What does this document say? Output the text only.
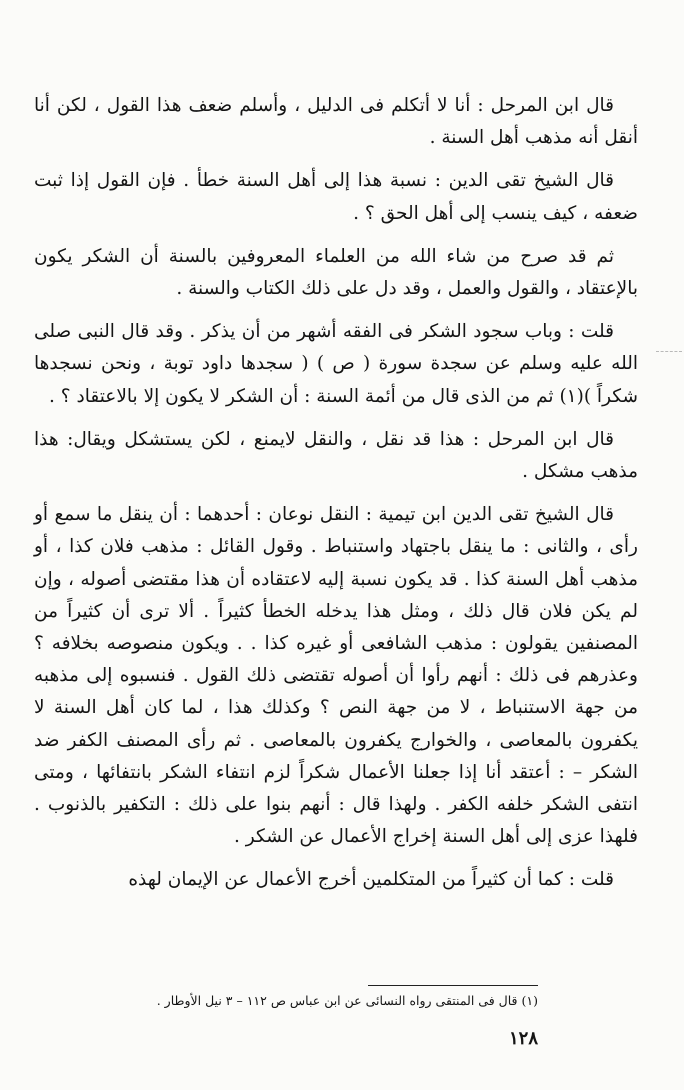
قال ابن المرحل : أنا لا أتكلم فى الدليل ، وأسلم ضعف هذا القول ، لكن أنا أنقل أنه مذهب أهل السنة .

قال الشيخ تقى الدين : نسبة هذا إلى أهل السنة خطأ . فإن القول إذا ثبت ضعفه ، كيف ينسب إلى أهل الحق ؟ .

ثم قد صرح من شاء الله من العلماء المعروفين بالسنة أن الشكر يكون بالإعتقاد ، والقول والعمل ، وقد دل على ذلك الكتاب والسنة .

قلت : وباب سجود الشكر فى الفقه أشهر من أن يذكر . وقد قال النبى صلى الله عليه وسلم عن سجدة سورة ( ص ) ( سجدها داود توبة ، ونحن نسجدها شكراً )(١) ثم من الذى قال من أئمة السنة : أن الشكر لا يكون إلا بالاعتقاد ؟ .

قال ابن المرحل : هذا قد نقل ، والنقل لايمنع ، لكن يستشكل ويقال: هذا مذهب مشكل .

قال الشيخ تقى الدين ابن تيمية : النقل نوعان : أحدهما : أن ينقل ما سمع أو رأى ، والثانى : ما ينقل باجتهاد واستنباط . وقول القائل : مذهب فلان كذا ، أو مذهب أهل السنة كذا . قد يكون نسبة إليه لاعتقاده أن هذا مقتضى أصوله ، وإن لم يكن فلان قال ذلك ، ومثل هذا يدخله الخطأ كثيراً . ألا ترى أن كثيراً من المصنفين يقولون : مذهب الشافعى أو غيره كذا . . ويكون منصوصه بخلافه ؟ وعذرهم فى ذلك : أنهم رأوا أن أصوله تقتضى ذلك القول . فنسبوه إلى مذهبه من جهة الاستنباط ، لا من جهة النص ؟ وكذلك هذا ، لما كان أهل السنة لا يكفرون بالمعاصى ، والخوارج يكفرون بالمعاصى . ثم رأى المصنف الكفر ضد الشكر – : أعتقد أنا إذا جعلنا الأعمال شكراً لزم انتفاء الشكر بانتفائها ، ومتى انتفى الشكر خلفه الكفر . ولهذا قال : أنهم بنوا على ذلك : التكفير بالذنوب . فلهذا عزى إلى أهل السنة إخراج الأعمال عن الشكر .

قلت : كما أن كثيراً من المتكلمين أخرج الأعمال عن الإيمان لهذه

(١) قال فى المنتقى رواه النسائى عن ابن عباس ص ١١٢ – ٣ نيل الأوطار .
١٢٨
